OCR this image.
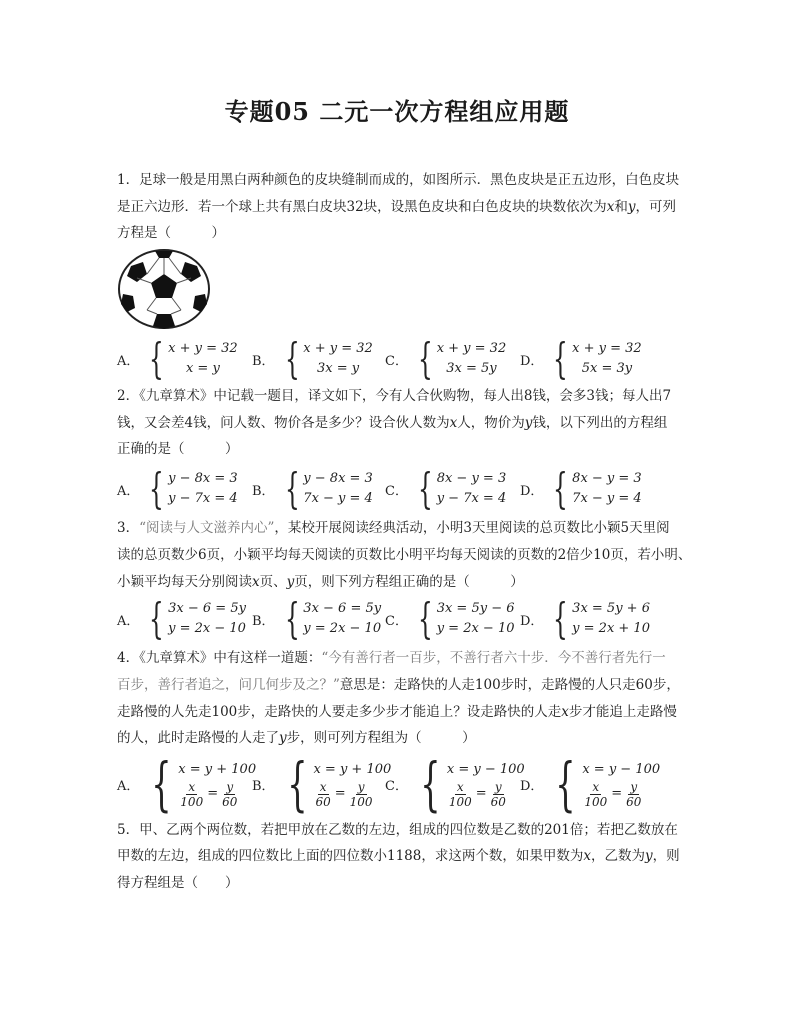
专题05 二元一次方程组应用题
1．足球一般是用黑白两种颜色的皮块缝制而成的，如图所示．黑色皮块是正五边形，白色皮块
是正六边形．若一个球上共有黑白皮块32块，设黑色皮块和白色皮块的块数依次为x和y，可列
方程是（　　　）
A． { x + y = 32
x = y	B． { x + y = 32
3x = y	C． { x + y = 32
3x = 5y	D． { x + y = 32
5x = 3y
2．《九章算术》中记载一题目，译文如下，今有人合伙购物，每人出8钱，会多3钱；每人出7
钱，又会差4钱，问人数、物价各是多少？设合伙人数为x人，物价为y钱，以下列出的方程组
正确的是（　　　）
A． { y − 8x = 3
y − 7x = 4 B． { y − 8x = 3
7x − y = 4 C． { 8x − y = 3
y − 7x = 4 D． { 8x − y = 3
7x − y = 4
3．“阅读与人文滋养内心”，某校开展阅读经典活动，小明3天里阅读的总页数比小颖5天里阅
读的总页数少6页，小颖平均每天阅读的页数比小明平均每天阅读的页数的2倍少10页，若小明、
小颖平均每天分别阅读x页、y页，则下列方程组正确的是（　　　）
A． { 3x − 6 = 5y
y = 2x − 10 B． { 3x − 6 = 5y
y = 2x − 10 C． { 3x = 5y − 6
y = 2x − 10 D． { 3x = 5y + 6
y = 2x + 10
4．《九章算术》中有这样一道题：“今有善行者一百步，不善行者六十步．今不善行者先行一
百步，善行者追之，问几何步及之？”意思是：走路快的人走100步时，走路慢的人只走60步，
走路慢的人先走100步，走路快的人要走多少步才能追上？设走路快的人走x步才能追上走路慢
的人，此时走路慢的人走了y步，则可列方程组为（　　　）
A． { x = y + 100
$\frac{x}{100} = \frac{y}{60}$ B． { x = y + 100
$\frac{x}{60} = \frac{y}{100}$ C． { x = y − 100
$\frac{x}{100} = \frac{y}{60}$ D． { x = y − 100
$\frac{x}{100} = \frac{y}{60}$
5．甲、乙两个两位数，若把甲放在乙数的左边，组成的四位数是乙数的201倍；若把乙数放在
甲数的左边，组成的四位数比上面的四位数小1188，求这两个数，如果甲数为x，乙数为y，则
得方程组是（　　）
